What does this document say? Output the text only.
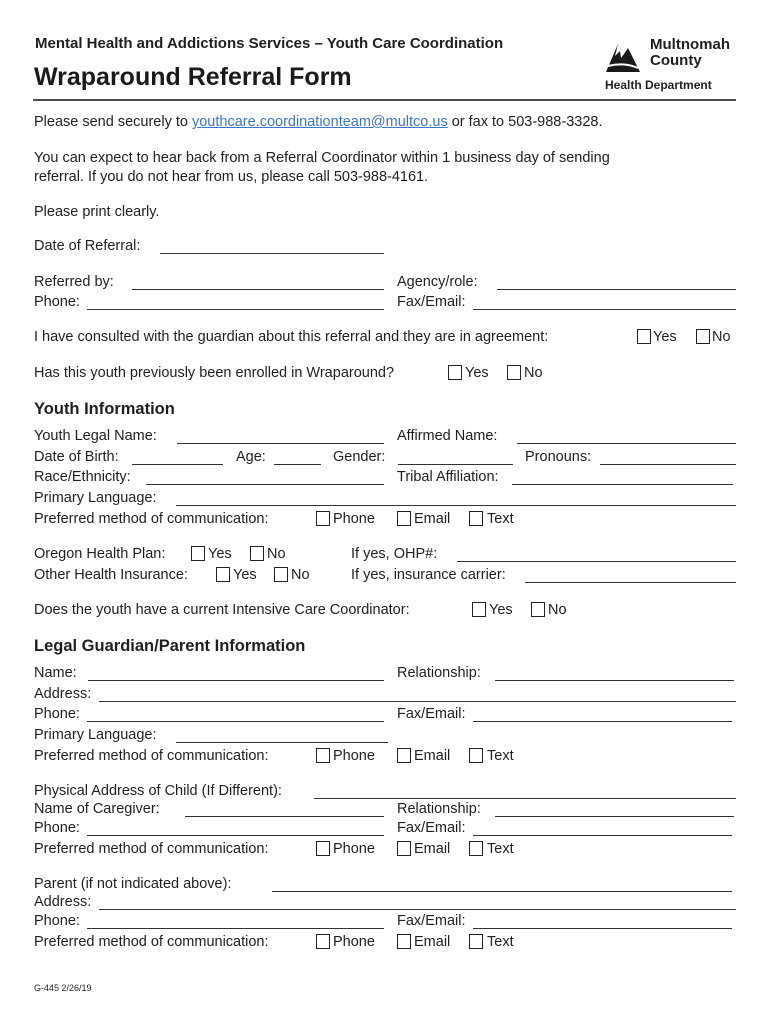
Mental Health and Addictions Services – Youth Care Coordination
Wraparound Referral Form
Multnomah
County
Health Department
Please send securely to youthcare.coordinationteam@multco.us or fax to 503-988-3328.
You can expect to hear back from a Referral Coordinator within 1 business day of sending
referral. If you do not hear from us, please call 503-988-4161.
Please print clearly.
Date of Referral:
Referred by:	Agency/role:
Phone:	Fax/Email:
I have consulted with the guardian about this referral and they are in agreement:	Yes No
Has this youth previously been enrolled in Wraparound?	Yes No
Youth Information
Youth Legal Name:	Affirmed Name:
Date of Birth:	Age:	Gender:	Pronouns:
Race/Ethnicity:	Tribal Affiliation:
Primary Language:
Preferred method of communication:	Phone	Email	Text
Oregon Health Plan:	Yes No	If yes, OHP#:
Other Health Insurance:	Yes No	If yes, insurance carrier:
Does the youth have a current Intensive Care Coordinator:	Yes No
Legal Guardian/Parent Information
Name:	Relationship:
Address:
Phone:	Fax/Email:
Primary Language:
Preferred method of communication:	Phone	Email	Text
Physical Address of Child (If Different):
Name of Caregiver:	Relationship:
Phone:	Fax/Email:
Preferred method of communication:	Phone	Email	Text
Parent (if not indicated above):
Address:
Phone:	Fax/Email:
Preferred method of communication:	Phone	Email	Text
G-445 2/26/19
